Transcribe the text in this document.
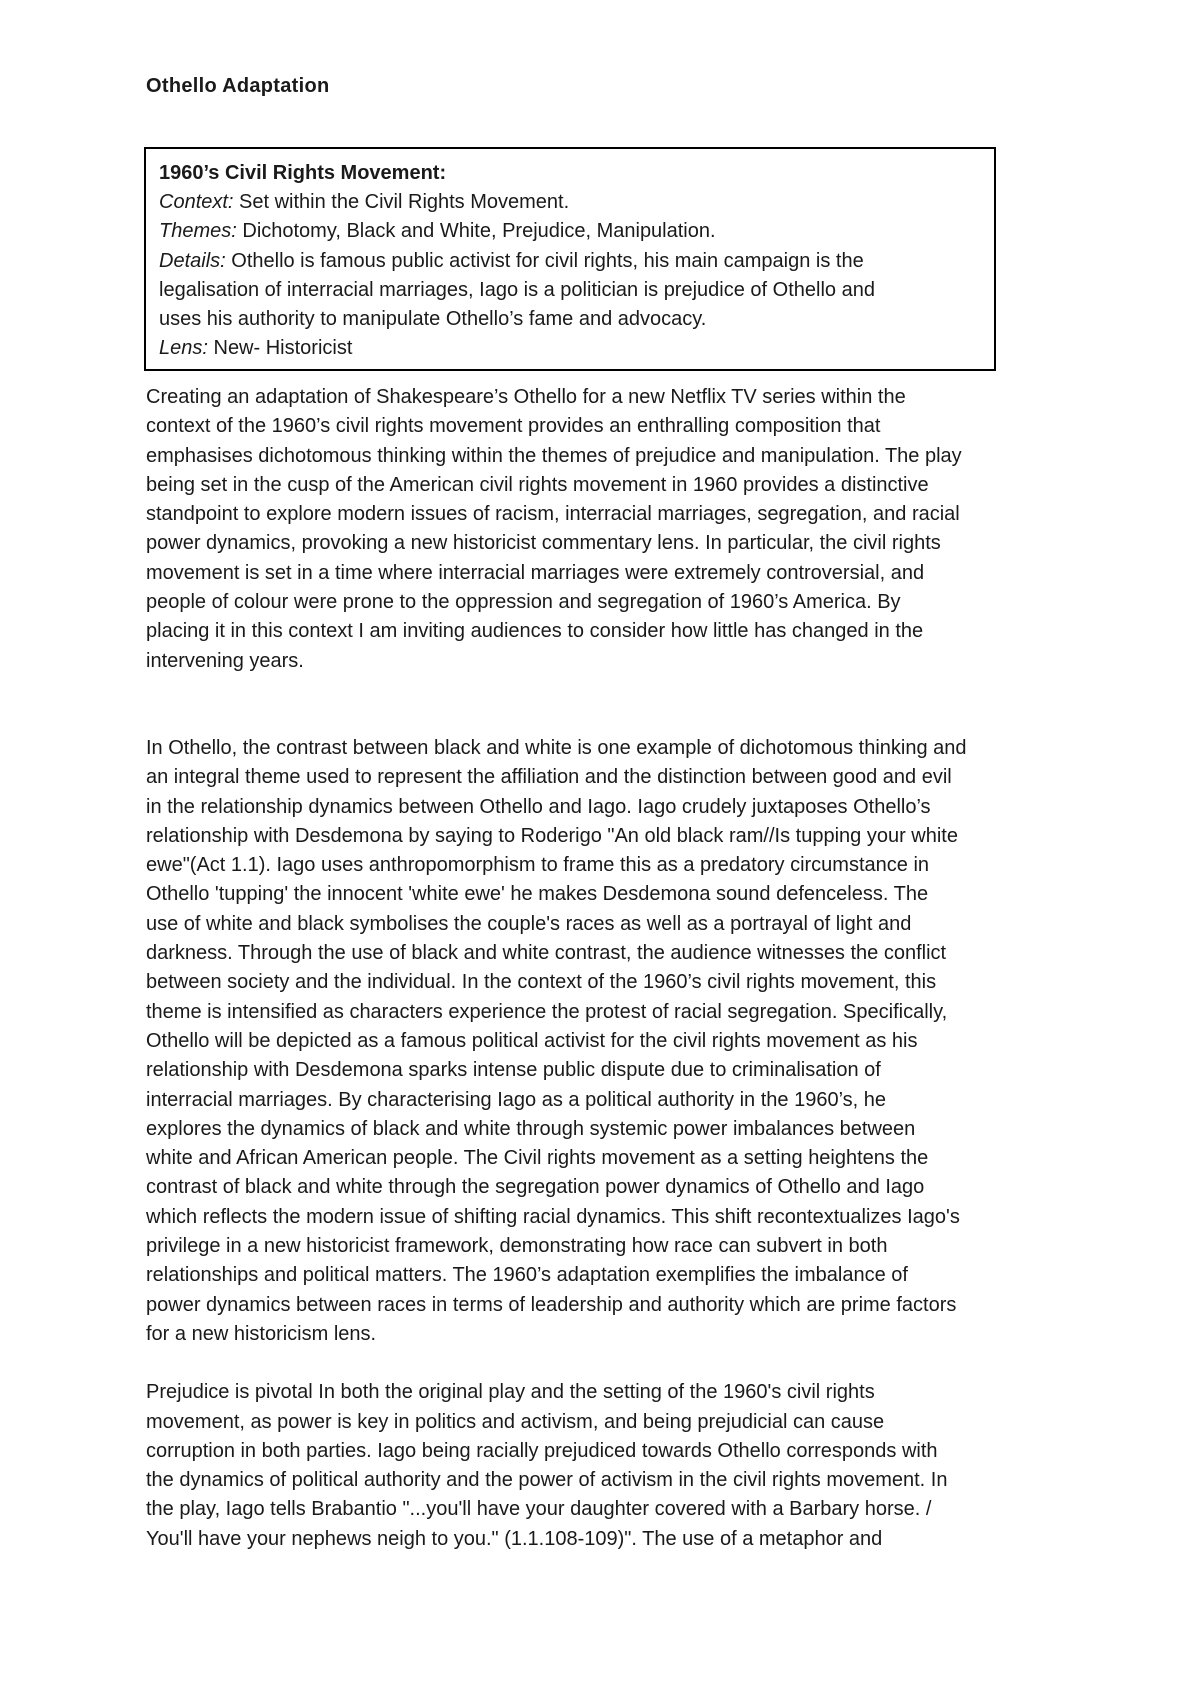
Othello Adaptation
1960’s Civil Rights Movement:
Context: Set within the Civil Rights Movement.
Themes: Dichotomy, Black and White, Prejudice, Manipulation.
Details: Othello is famous public activist for civil rights, his main campaign is the
legalisation of interracial marriages, Iago is a politician is prejudice of Othello and
uses his authority to manipulate Othello’s fame and advocacy.
Lens: New- Historicist

Creating an adaptation of Shakespeare’s Othello for a new Netflix TV series within the
context of the 1960’s civil rights movement provides an enthralling composition that
emphasises dichotomous thinking within the themes of prejudice and manipulation. The play
being set in the cusp of the American civil rights movement in 1960 provides a distinctive
standpoint to explore modern issues of racism, interracial marriages, segregation, and racial
power dynamics, provoking a new historicist commentary lens. In particular, the civil rights
movement is set in a time where interracial marriages were extremely controversial, and
people of colour were prone to the oppression and segregation of 1960’s America. By
placing it in this context I am inviting audiences to consider how little has changed in the
intervening years.

In Othello, the contrast between black and white is one example of dichotomous thinking and
an integral theme used to represent the affiliation and the distinction between good and evil
in the relationship dynamics between Othello and Iago. Iago crudely juxtaposes Othello’s
relationship with Desdemona by saying to Roderigo "An old black ram//Is tupping your white
ewe"(Act 1.1). Iago uses anthropomorphism to frame this as a predatory circumstance in
Othello 'tupping' the innocent 'white ewe' he makes Desdemona sound defenceless. The
use of white and black symbolises the couple's races as well as a portrayal of light and
darkness. Through the use of black and white contrast, the audience witnesses the conflict
between society and the individual. In the context of the 1960’s civil rights movement, this
theme is intensified as characters experience the protest of racial segregation. Specifically,
Othello will be depicted as a famous political activist for the civil rights movement as his
relationship with Desdemona sparks intense public dispute due to criminalisation of
interracial marriages. By characterising Iago as a political authority in the 1960’s, he
explores the dynamics of black and white through systemic power imbalances between
white and African American people. The Civil rights movement as a setting heightens the
contrast of black and white through the segregation power dynamics of Othello and Iago
which reflects the modern issue of shifting racial dynamics. This shift recontextualizes Iago's
privilege in a new historicist framework, demonstrating how race can subvert in both
relationships and political matters. The 1960’s adaptation exemplifies the imbalance of
power dynamics between races in terms of leadership and authority which are prime factors
for a new historicism lens.

Prejudice is pivotal In both the original play and the setting of the 1960's civil rights
movement, as power is key in politics and activism, and being prejudicial can cause
corruption in both parties. Iago being racially prejudiced towards Othello corresponds with
the dynamics of political authority and the power of activism in the civil rights movement. In
the play, Iago tells Brabantio "...you'll have your daughter covered with a Barbary horse. /
You'll have your nephews neigh to you." (1.1.108-109)". The use of a metaphor and
